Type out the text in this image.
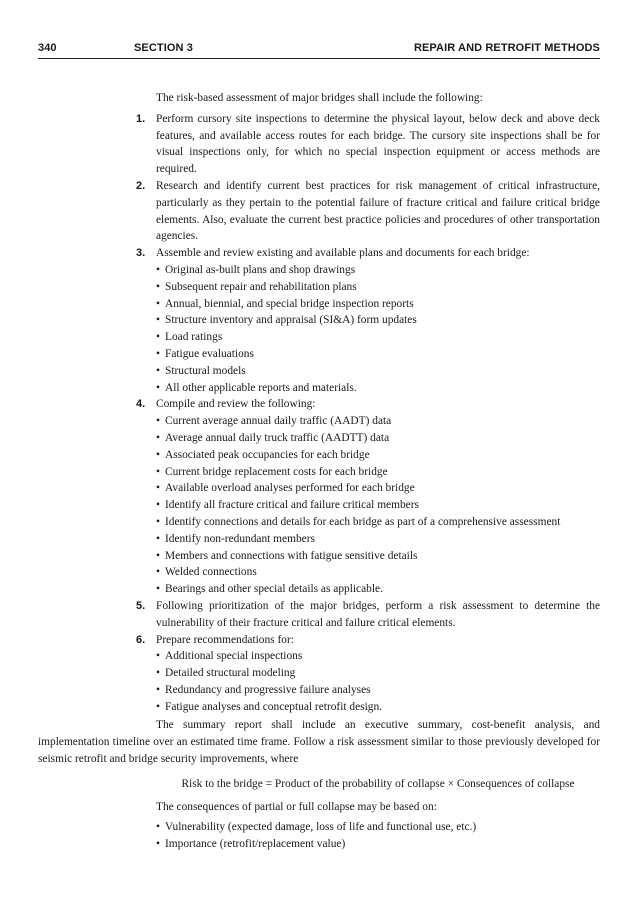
340	SECTION 3	REPAIR AND RETROFIT METHODS

The risk-based assessment of major bridges shall include the following:

1. Perform cursory site inspections to determine the physical layout, below deck and above deck features, and available access routes for each bridge. The cursory site inspections shall be for visual inspections only, for which no special inspection equipment or access methods are required.
2. Research and identify current best practices for risk management of critical infrastructure, particularly as they pertain to the potential failure of fracture critical and failure critical bridge elements. Also, evaluate the current best practice policies and procedures of other transportation agencies.
3. Assemble and review existing and available plans and documents for each bridge:
• Original as-built plans and shop drawings
• Subsequent repair and rehabilitation plans
• Annual, biennial, and special bridge inspection reports
• Structure inventory and appraisal (SI&A) form updates
• Load ratings
• Fatigue evaluations
• Structural models
• All other applicable reports and materials.
4. Compile and review the following:
• Current average annual daily traffic (AADT) data
• Average annual daily truck traffic (AADTT) data
• Associated peak occupancies for each bridge
• Current bridge replacement costs for each bridge
• Available overload analyses performed for each bridge
• Identify all fracture critical and failure critical members
• Identify connections and details for each bridge as part of a comprehensive assessment
• Identify non-redundant members
• Members and connections with fatigue sensitive details
• Welded connections
• Bearings and other special details as applicable.
5. Following prioritization of the major bridges, perform a risk assessment to determine the vulnerability of their fracture critical and failure critical elements.
6. Prepare recommendations for:
• Additional special inspections
• Detailed structural modeling
• Redundancy and progressive failure analyses
• Fatigue analyses and conceptual retrofit design.

The summary report shall include an executive summary, cost-benefit analysis, and implementation timeline over an estimated time frame. Follow a risk assessment similar to those previously developed for seismic retrofit and bridge security improvements, where

Risk to the bridge = Product of the probability of collapse × Consequences of collapse

The consequences of partial or full collapse may be based on:

• Vulnerability (expected damage, loss of life and functional use, etc.)
• Importance (retrofit/replacement value)
